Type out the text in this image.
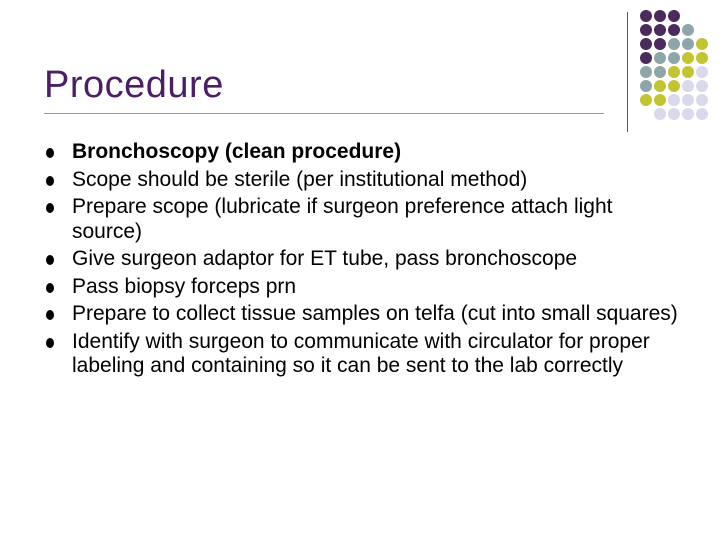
Procedure
Bronchoscopy (clean procedure)
Scope should be sterile (per institutional method)
Prepare scope (lubricate if surgeon preference attach light source)
Give surgeon adaptor for ET tube, pass bronchoscope
Pass biopsy forceps prn
Prepare to collect tissue samples on telfa (cut into small squares)
Identify with surgeon to communicate with circulator for proper labeling and containing so it can be sent to the lab correctly
